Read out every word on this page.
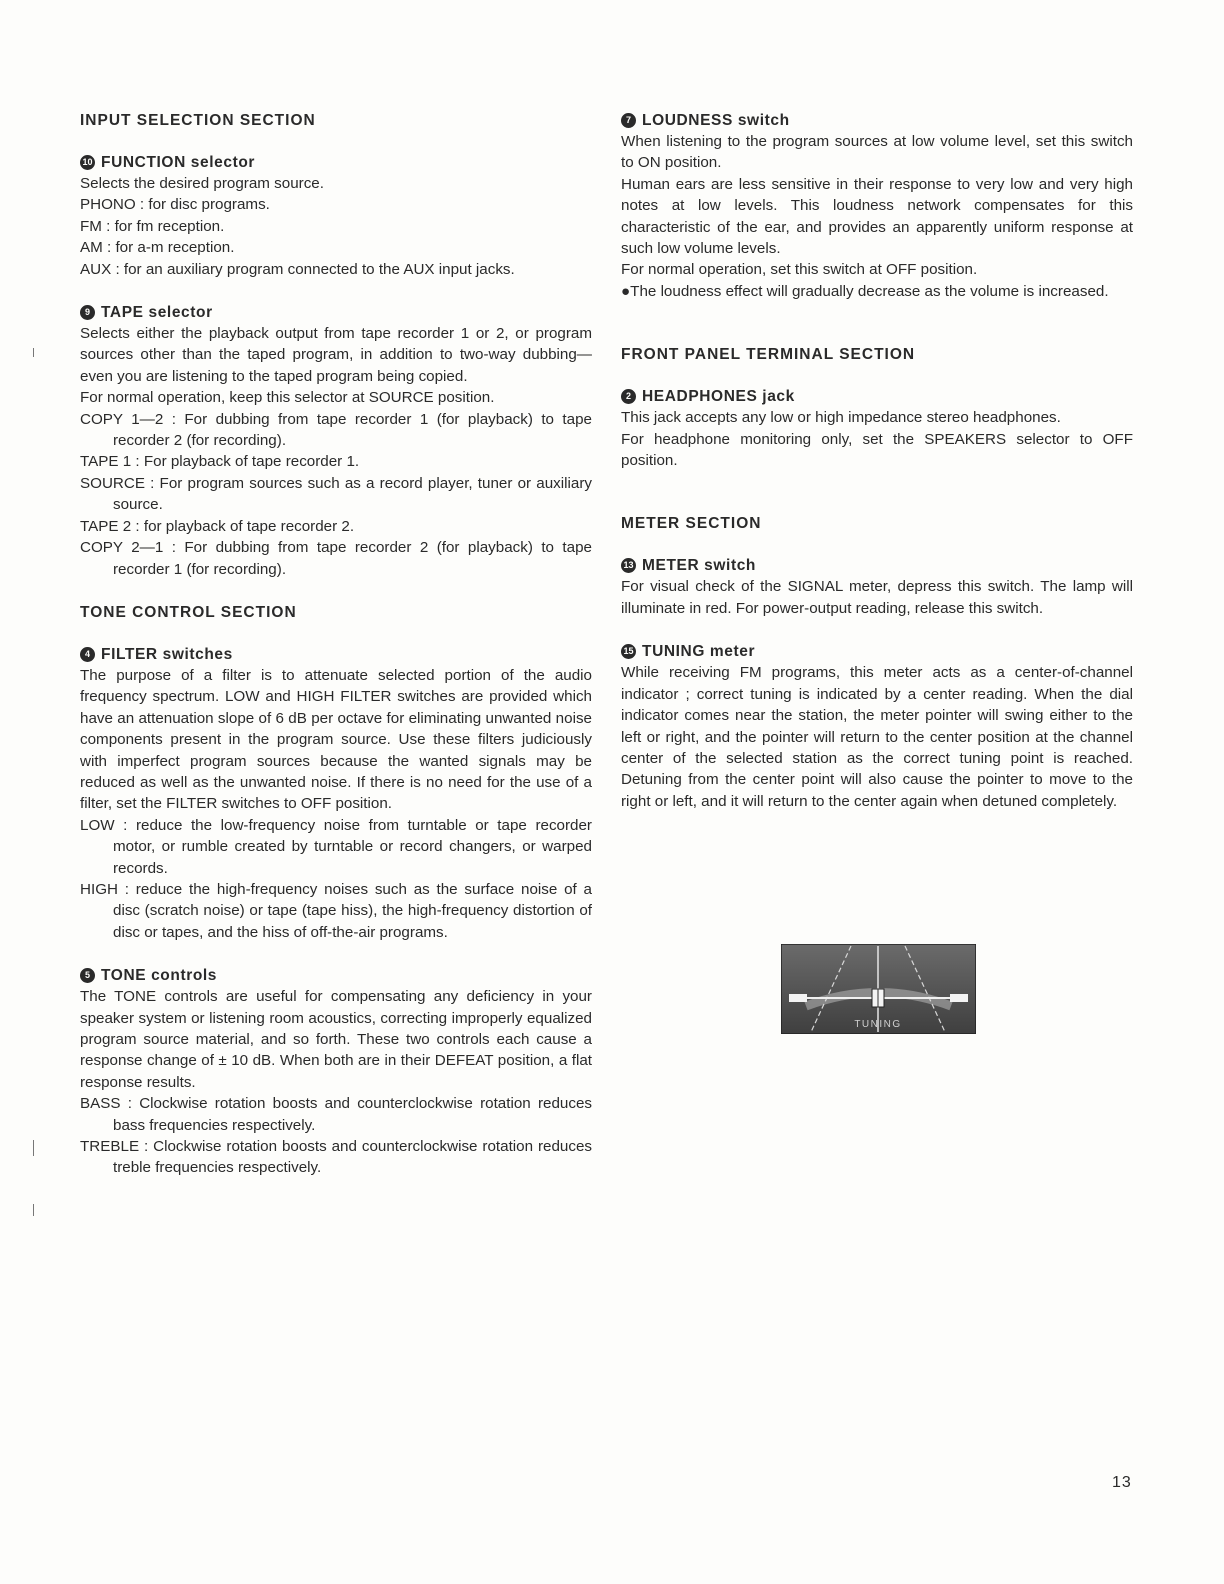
INPUT SELECTION SECTION
10 FUNCTION selector

Selects the desired program source.

PHONO : for disc programs.

FM : for fm reception.

AM : for a-m reception.

AUX : for an auxiliary program connected to the AUX input jacks.

9 TAPE selector

Selects either the playback output from tape recorder 1 or 2, or program sources other than the taped program, in addition to two-way dubbing—even you are listening to the taped program being copied.

For normal operation, keep this selector at SOURCE position.

COPY 1—2 : For dubbing from tape recorder 1 (for playback) to tape recorder 2 (for recording).

TAPE 1 : For playback of tape recorder 1.

SOURCE : For program sources such as a record player, tuner or auxiliary source.

TAPE 2 : for playback of tape recorder 2.

COPY 2—1 : For dubbing from tape recorder 2 (for playback) to tape recorder 1 (for recording).

TONE CONTROL SECTION
4 FILTER switches

The purpose of a filter is to attenuate selected portion of the audio frequency spectrum. LOW and HIGH FILTER switches are provided which have an attenuation slope of 6 dB per octave for eliminating unwanted noise components present in the program source. Use these filters judiciously with imperfect program sources because the wanted signals may be reduced as well as the unwanted noise. If there is no need for the use of a filter, set the FILTER switches to OFF position.

LOW : reduce the low-frequency noise from turntable or tape recorder motor, or rumble created by turntable or record changers, or warped records.

HIGH : reduce the high-frequency noises such as the surface noise of a disc (scratch noise) or tape (tape hiss), the high-frequency distortion of disc or tapes, and the hiss of off-the-air programs.

5 TONE controls

The TONE controls are useful for compensating any deficiency in your speaker system or listening room acoustics, correcting improperly equalized program source material, and so forth. These two controls each cause a response change of ± 10 dB. When both are in their DEFEAT position, a flat response results.

BASS : Clockwise rotation boosts and counterclockwise rotation reduces bass frequencies respectively.

TREBLE : Clockwise rotation boosts and counterclockwise rotation reduces treble frequencies respectively.

7 LOUDNESS switch

When listening to the program sources at low volume level, set this switch to ON position.

Human ears are less sensitive in their response to very low and very high notes at low levels. This loudness network compensates for this characteristic of the ear, and provides an apparently uniform response at such low volume levels.

For normal operation, set this switch at OFF position.

●The loudness effect will gradually decrease as the volume is increased.

FRONT PANEL TERMINAL SECTION
2 HEADPHONES jack

This jack accepts any low or high impedance stereo headphones.

For headphone monitoring only, set the SPEAKERS selector to OFF position.

METER SECTION
13 METER switch

For visual check of the SIGNAL meter, depress this switch. The lamp will illuminate in red. For power-output reading, release this switch.

15 TUNING meter

While receiving FM programs, this meter acts as a center-of-channel indicator ; correct tuning is indicated by a center reading. When the dial indicator comes near the station, the meter pointer will swing either to the left or right, and the pointer will return to the center position at the channel center of the selected station as the correct tuning point is reached. Detuning from the center point will also cause the pointer to move to the right or left, and it will return to the center again when detuned completely.

TUNING
13
